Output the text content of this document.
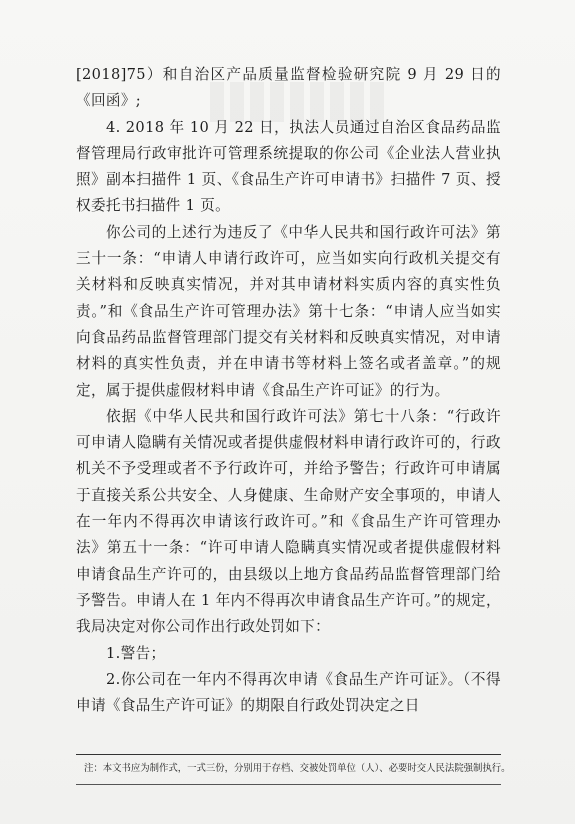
[2018]75）和自治区产品质量监督检验研究院 9 月 29 日的《回函》;

4. 2018 年 10 月 22 日，执法人员通过自治区食品药品监督管理局行政审批许可管理系统提取的你公司《企业法人营业执照》副本扫描件 1 页、《食品生产许可申请书》扫描件 7 页、授权委托书扫描件 1 页。

你公司的上述行为违反了《中华人民共和国行政许可法》第三十一条：“申请人申请行政许可，应当如实向行政机关提交有关材料和反映真实情况，并对其申请材料实质内容的真实性负责。”和《食品生产许可管理办法》第十七条：“申请人应当如实向食品药品监督管理部门提交有关材料和反映真实情况，对申请材料的真实性负责，并在申请书等材料上签名或者盖章。”的规定，属于提供虚假材料申请《食品生产许可证》的行为。

依据《中华人民共和国行政许可法》第七十八条：“行政许可申请人隐瞒有关情况或者提供虚假材料申请行政许可的，行政机关不予受理或者不予行政许可，并给予警告；行政许可申请属于直接关系公共安全、人身健康、生命财产安全事项的，申请人在一年内不得再次申请该行政许可。”和《食品生产许可管理办法》第五十一条：“许可申请人隐瞒真实情况或者提供虚假材料申请食品生产许可的，由县级以上地方食品药品监督管理部门给予警告。申请人在 1 年内不得再次申请食品生产许可。”的规定，我局决定对你公司作出行政处罚如下：

1.警告；

2.你公司在一年内不得再次申请《食品生产许可证》。（不得申请《食品生产许可证》的期限自行政处罚决定之日

注：本文书应为制作式，一式三份，分别用于存档、交被处罚单位（人）、必要时交人民法院强制执行。
